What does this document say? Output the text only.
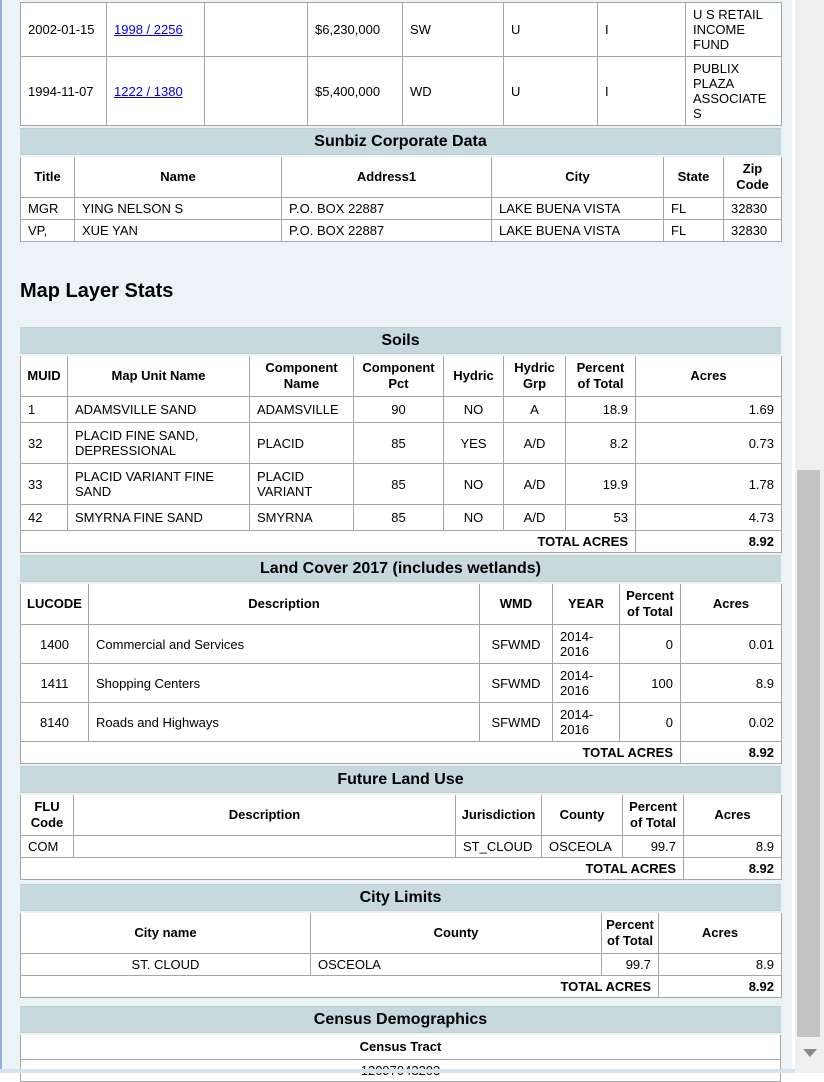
2002-01-15	1998 / 2256		$6,230,000	SW	U	I	U S RETAIL INCOME FUND
1994-11-07	1222 / 1380		$5,400,000	WD	U	I	PUBLIX PLAZA ASSOCIATES
Sunbiz Corporate Data
Title	Name	Address1	City	State	Zip Code
MGR	YING NELSON S	P.O. BOX 22887	LAKE BUENA VISTA	FL	32830
VP,	XUE YAN	P.O. BOX 22887	LAKE BUENA VISTA	FL	32830
Map Layer Stats
Soils
MUID	Map Unit Name	Component Name	Component Pct	Hydric	Hydric Grp	Percent of Total	Acres
1	ADAMSVILLE SAND	ADAMSVILLE	90	NO	A	18.9	1.69
32	PLACID FINE SAND, DEPRESSIONAL	PLACID	85	YES	A/D	8.2	0.73
33	PLACID VARIANT FINE SAND	PLACID VARIANT	85	NO	A/D	19.9	1.78
42	SMYRNA FINE SAND	SMYRNA	85	NO	A/D	53	4.73
TOTAL ACRES							8.92
Land Cover 2017 (includes wetlands)
LUCODE	Description	WMD	YEAR	Percent of Total	Acres
1400	Commercial and Services	SFWMD	2014-2016	0	0.01
1411	Shopping Centers	SFWMD	2014-2016	100	8.9
8140	Roads and Highways	SFWMD	2014-2016	0	0.02
TOTAL ACRES					8.92
Future Land Use
FLU Code	Description	Jurisdiction	County	Percent of Total	Acres
COM		ST_CLOUD	OSCEOLA	99.7	8.9
TOTAL ACRES					8.92
City Limits
City name	County	Percent of Total	Acres
ST. CLOUD	OSCEOLA	99.7	8.9
TOTAL ACRES			8.92
Census Demographics
Census Tract
